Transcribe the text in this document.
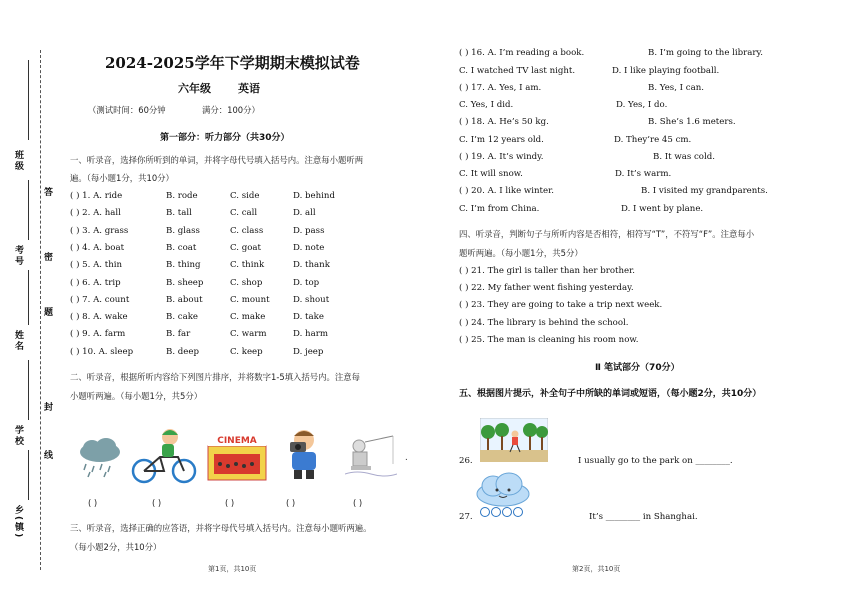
班级
考号
姓名
学校
乡(镇)
答
密
题
封
线
2024-2025学年下学期期末模拟试卷
六年级 英语
（测试时间：60分钟	满分：100分）
第一部分：听力部分（共30分）
一、听录音，选择你所听到的单词，并将字母代号填入括号内。注意每小题听两
遍。（每小题1分，共10分）
( ) 1. A. ride	B. rode	C. side	D. behind
( ) 2. A. hall	B. tall	C. call	D. all
( ) 3. A. grass	B. glass	C. class	D. pass
( ) 4. A. boat	B. coat	C. goat	D. note
( ) 5. A. thin	B. thing	C. think	D. thank
( ) 6. A. trip	B. sheep	C. shop	D. top
( ) 7. A. count	B. about	C. mount	D. shout
( ) 8. A. wake	B. cake	C. make	D. take
( ) 9. A. farm	B. far	C. warm	D. harm
( ) 10. A. sleep	B. deep	C. keep	D. jeep
二、听录音，根据所听内容给下列图片排序，并将数字1-5填入括号内。注意每
小题听两遍。（每小题1分，共5分）
CINEMA
.
( )	( )	( )	( )	( )
三、听录音，选择正确的应答语，并将字母代号填入括号内。注意每小题听两遍。
（每小题2分，共10分）
第1页，共10页
( ) 16. A. I’m reading a book.	B. I’m going to the library.
C. I watched TV last night.	D. I like playing football.
( ) 17. A. Yes, I am.	B. Yes, I can.
C. Yes, I did.	D. Yes, I do.
( ) 18. A. He’s 50 kg.	B. She’s 1.6 meters.
C. I’m 12 years old.	D. They’re 45 cm.
( ) 19. A. It’s windy.	B. It was cold.
C. It will snow.	D. It’s warm.
( ) 20. A. I like winter.	B. I visited my grandparents.
C. I’m from China.	D. I went by plane.
四、听录音，判断句子与所听内容是否相符，相符写“T”，不符写“F”。注意每小
题听两遍。（每小题1分，共5分）
( ) 21. The girl is taller than her brother.
( ) 22. My father went fishing yesterday.
( ) 23. They are going to take a trip next week.
( ) 24. The library is behind the school.
( ) 25. The man is cleaning his room now.
Ⅱ 笔试部分（70分）
五、根据图片提示，补全句子中所缺的单词或短语，（每小题2分，共10分）
26.	I usually go to the park on ________.
27.	It’s ________ in Shanghai.
第2页，共10页
